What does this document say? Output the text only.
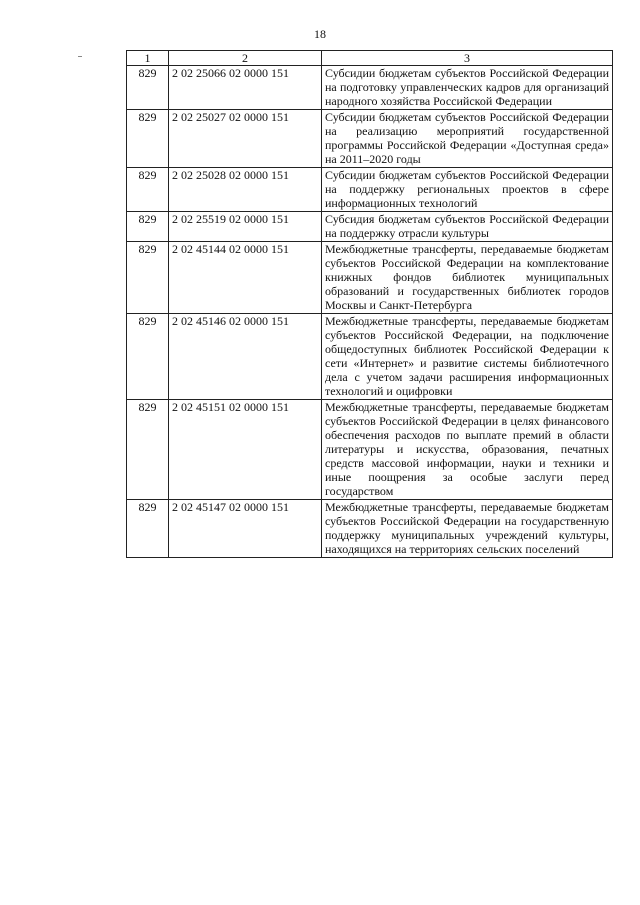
18
1	2	3
829	2 02 25066 02 0000 151	Субсидии бюджетам субъектов Российской Федерации на подготовку управленческих кадров для организаций народного хозяйства Российской Федерации
829	2 02 25027 02 0000 151	Субсидии бюджетам субъектов Российской Федерации на реализацию мероприятий государственной программы Российской Федерации «Доступная среда» на 2011–2020 годы
829	2 02 25028 02 0000 151	Субсидии бюджетам субъектов Российской Федерации на поддержку региональных проектов в сфере информационных технологий
829	2 02 25519 02 0000 151	Субсидия бюджетам субъектов Российской Федерации на поддержку отрасли культуры
829	2 02 45144 02 0000 151	Межбюджетные трансферты, передаваемые бюджетам субъектов Российской Федерации на комплектование книжных фондов библиотек муниципальных образований и государственных библиотек городов Москвы и Санкт-Петербурга
829	2 02 45146 02 0000 151	Межбюджетные трансферты, передаваемые бюджетам субъектов Российской Федерации, на подключение общедоступных библиотек Российской Федерации к сети «Интернет» и развитие системы библиотечного дела с учетом задачи расширения информационных технологий и оцифровки
829	2 02 45151 02 0000 151	Межбюджетные трансферты, передаваемые бюджетам субъектов Российской Федерации в целях финансового обеспечения расходов по выплате премий в области литературы и искусства, образования, печатных средств массовой информации, науки и техники и иные поощрения за особые заслуги перед государством
829	2 02 45147 02 0000 151	Межбюджетные трансферты, передаваемые бюджетам субъектов Российской Федерации на государственную поддержку муниципальных учреждений культуры, находящихся на территориях сельских поселений
